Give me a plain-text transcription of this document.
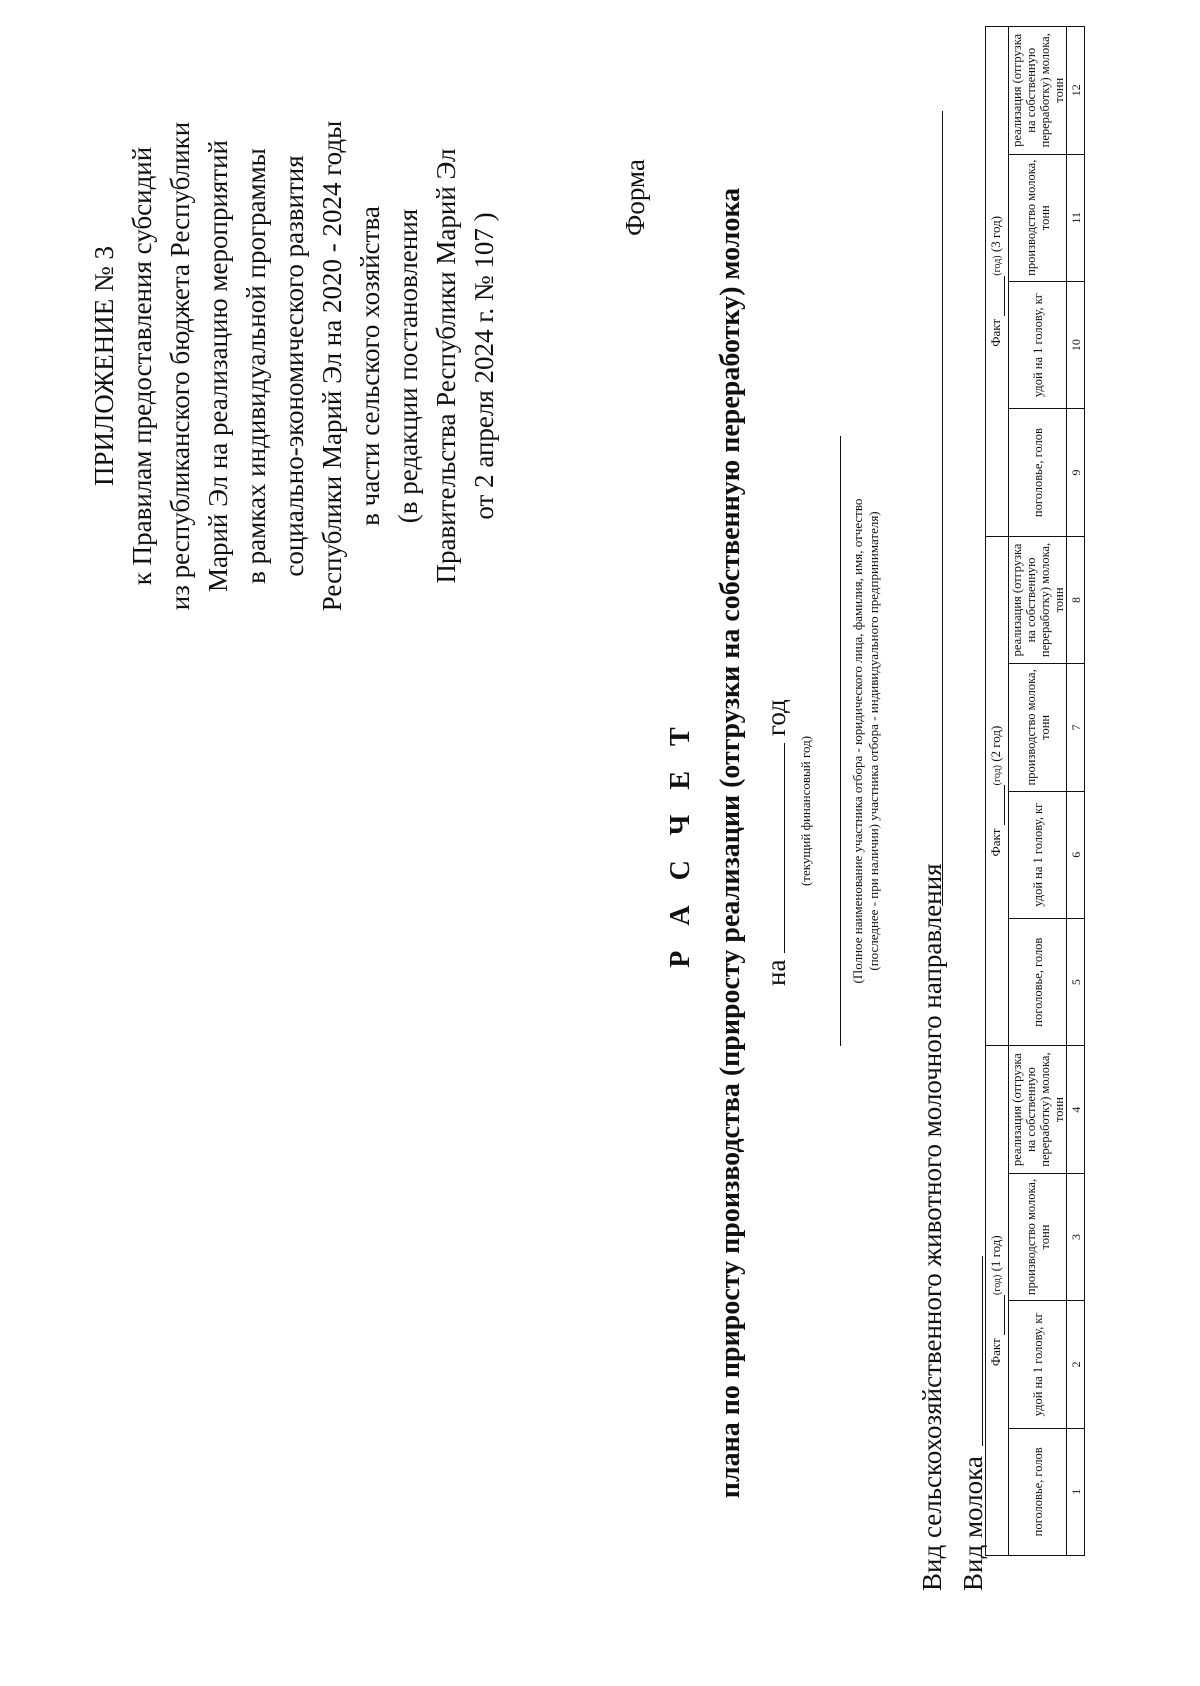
ПРИЛОЖЕНИЕ № 3 к Правилам предоставления субсидий из республиканского бюджета Республики Марий Эл на реализацию мероприятий в рамках индивидуальной программы социально-экономического развития Республики Марий Эл на 2020 - 2024 годы в части сельского хозяйства (в редакции постановления Правительства Республики Марий Эл от 2 апреля 2024 г. № 107 )
Форма
Р А С Ч Е Т плана по приросту производства (приросту реализации (отгрузки на собственную переработку) молока на  год
(текущий финансовый год)	(Полное наименование участника отбора - юридического лица, фамилия, имя, отчество (последнее - при наличии) участника отбора - индивидуального предпринимателя)
Вид сельскохозяйственного животного молочного направления Вид молока
Факт (год) (1 год)				Факт (год) (2 год)				Факт (год) (3 год)			
поголовье, голов	удой на 1 голову, кг	производство молока, тонн	реализация (отгрузка на собственную переработку) молока, тонн	поголовье, голов	удой на 1 голову, кг	производство молока, тонн	реализация (отгрузка на собственную переработку) молока, тонн	поголовье, голов	удой на 1 голову, кг	производство молока, тонн	реализация (отгрузка на собственную переработку) молока, тонн
1	2	3	4	5	6	7	8	9	10	11	12
